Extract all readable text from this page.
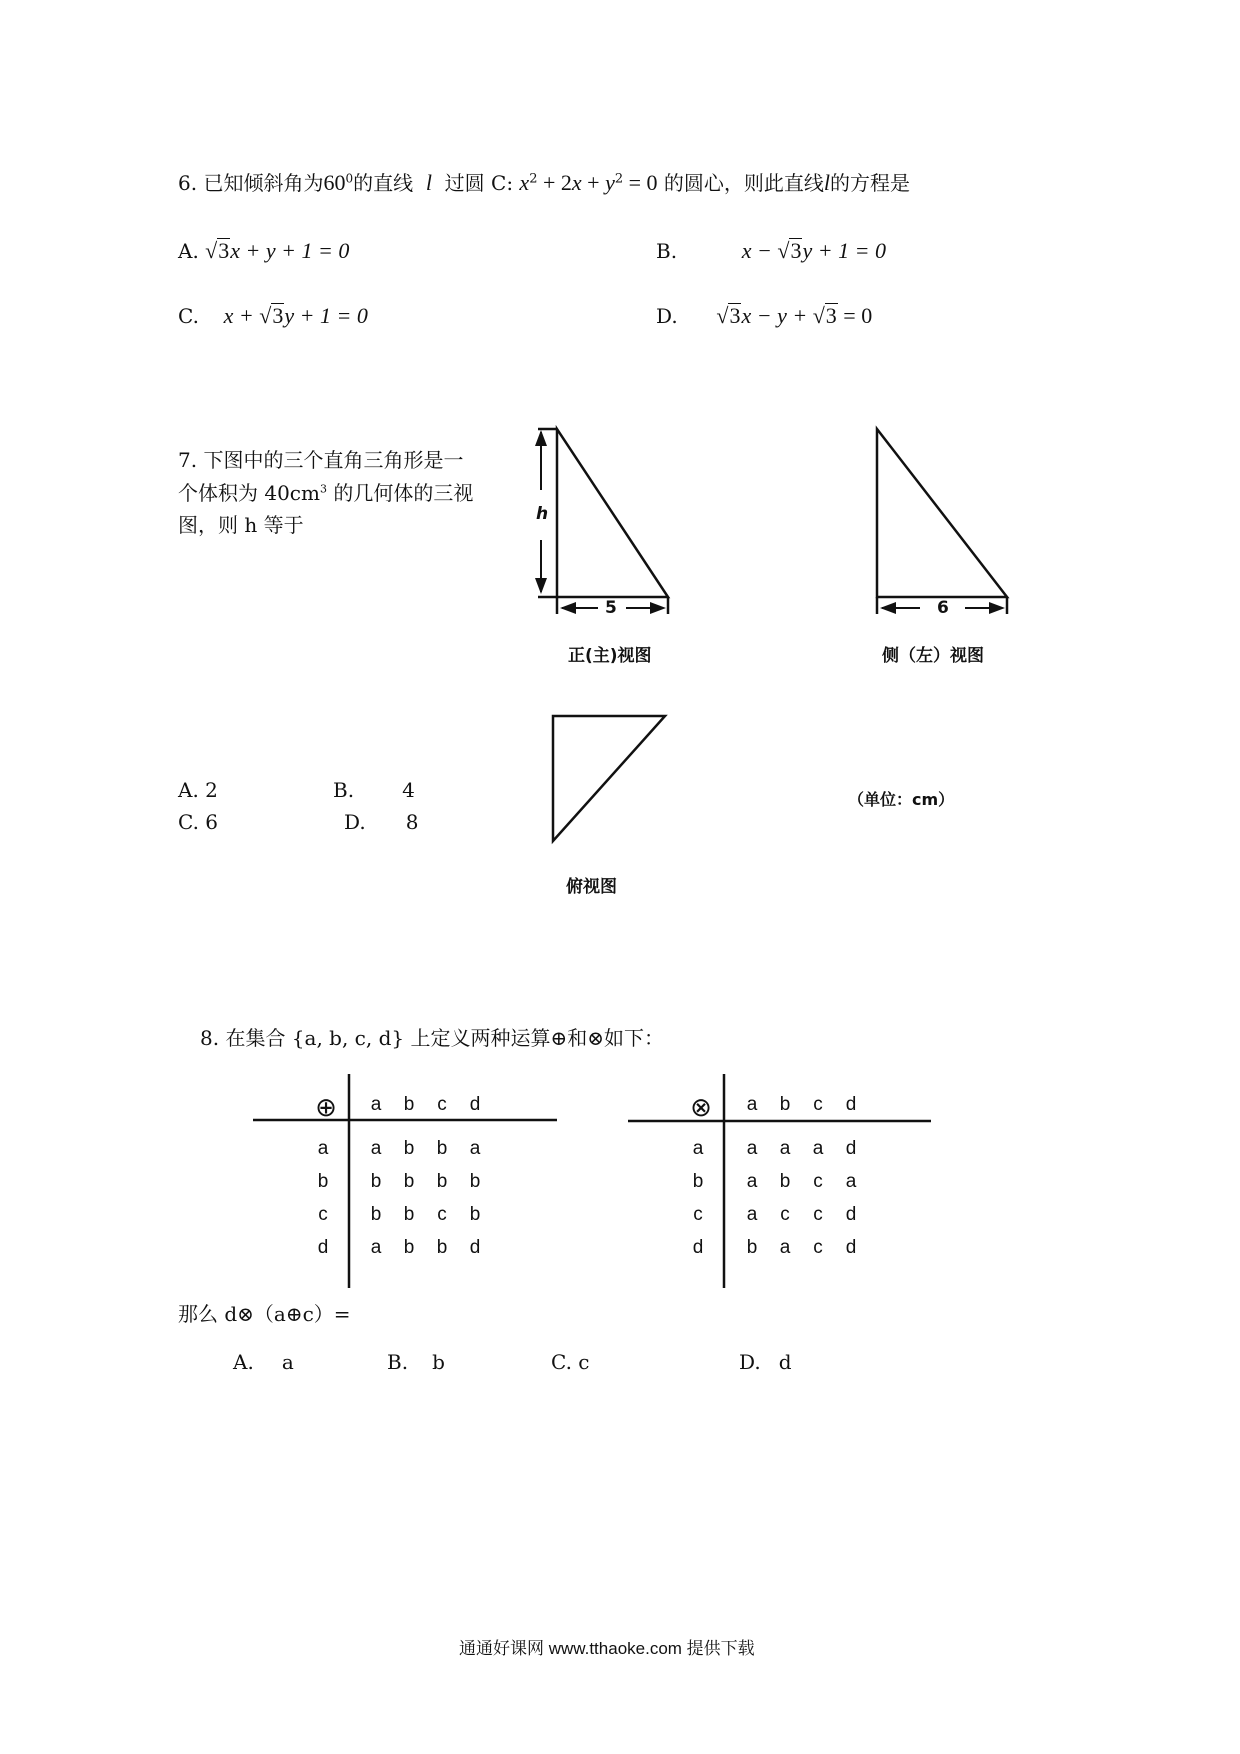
6. 已知倾斜角为$60^0$的直线 l 过圆 C: $x^2 + 2x + y^2 = 0$ 的圆心，则此直线l的方程是
A. √3x + y + 1 = 0	B.	x − √3y + 1 = 0
C. x + √3y + 1 = 0	D. √3x − y + √3 = 0
7. 下图中的三个直角三角形是一
个体积为 $40cm^3$ 的几何体的三视
图，则 h 等于	h
5	6
正(主)视图	侧（左）视图
俯视图
（单位：cm）
A. 2	B. 4
C. 6	D. 8
8. 在集合 {a, b, c, d} 上定义两种运算⊕和⊗如下：
⊕	⊗
a	b	c	d
a	a	b	b	a
b	b	b	b	b
c	b	b	c	b
d	a	b	b	d
a	b	c	d
a	a	a	a	d
b	a	b	c	a
c	a	c	c	d
d	b	a	c	d
那么 d⊗（a⊕c）=
A. a	B. b	C. c	D. d
通通好课网 www.tthaoke.com 提供下载
